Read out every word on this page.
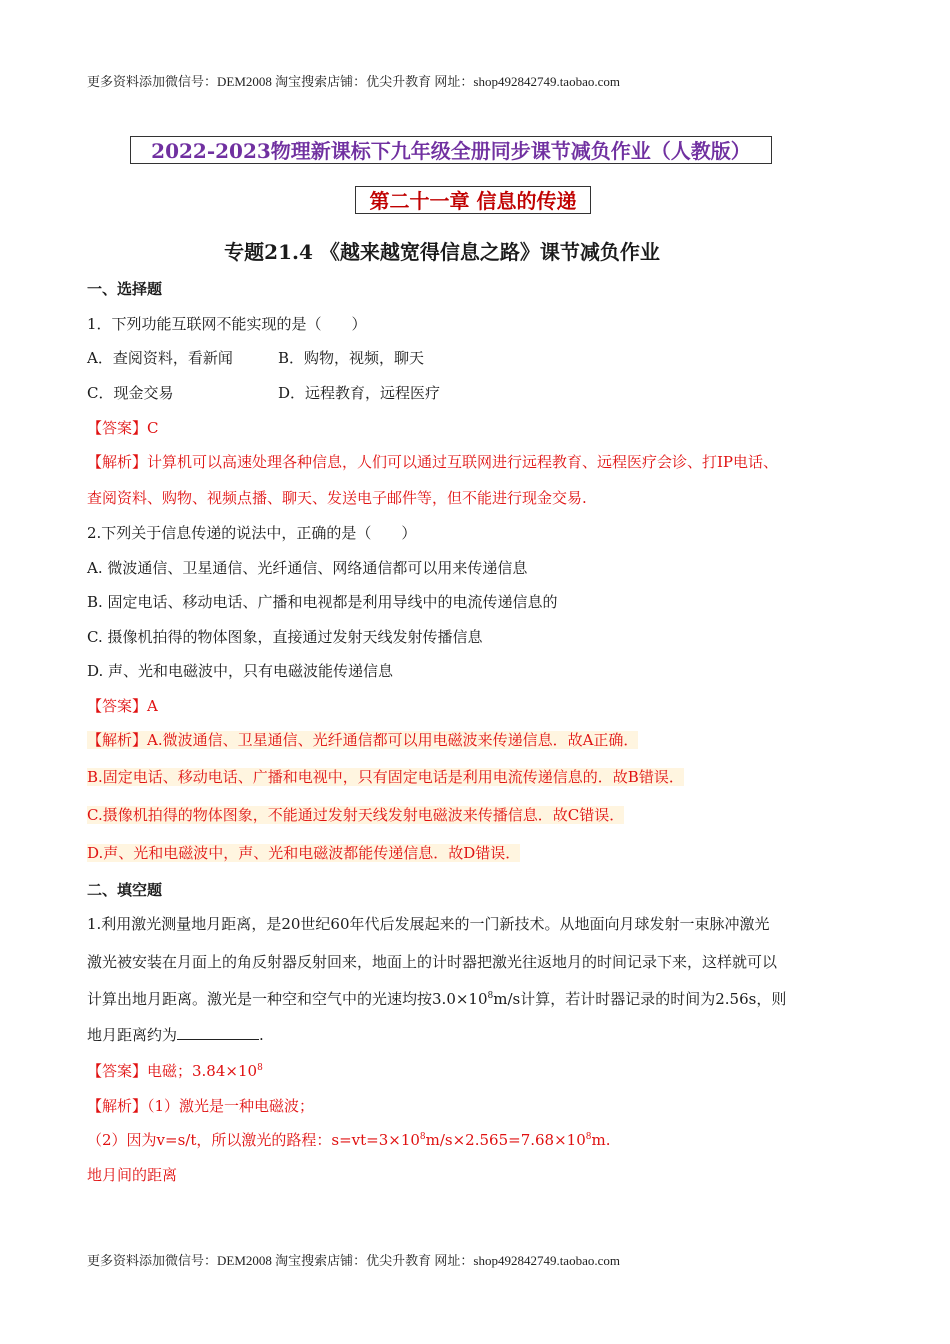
更多资料添加微信号：DEM2008 淘宝搜索店铺：优尖升教育 网址：shop492842749.taobao.com
2022-2023物理新课标下九年级全册同步课节减负作业（人教版）
第二十一章 信息的传递
专题21.4 《越来越宽得信息之路》课节减负作业
一、选择题
1．下列功能互联网不能实现的是（　　）
A．查阅资料，看新闻	B．购物，视频，聊天
C．现金交易	D．远程教育，远程医疗
【答案】C
【解析】计算机可以高速处理各种信息，人们可以通过互联网进行远程教育、远程医疗会诊、打IP电话、
查阅资料、购物、视频点播、聊天、发送电子邮件等，但不能进行现金交易.
2.下列关于信息传递的说法中，正确的是（　　）
A. 微波通信、卫星通信、光纤通信、网络通信都可以用来传递信息
B. 固定电话、移动电话、广播和电视都是利用导线中的电流传递信息的
C. 摄像机拍得的物体图象，直接通过发射天线发射传播信息
D. 声、光和电磁波中，只有电磁波能传递信息
【答案】A
【解析】A.微波通信、卫星通信、光纤通信都可以用电磁波来传递信息．故A正确．
B.固定电话、移动电话、广播和电视中，只有固定电话是利用电流传递信息的．故B错误．
C.摄像机拍得的物体图象，不能通过发射天线发射电磁波来传播信息．故C错误．
D.声、光和电磁波中，声、光和电磁波都能传递信息．故D错误．
二、填空题
1.利用激光测量地月距离，是20世纪60年代后发展起来的一门新技术。从地面向月球发射一束脉冲激光
激光被安装在月面上的角反射器反射回来，地面上的计时器把激光往返地月的时间记录下来，这样就可以
计算出地月距离。激光是一种空和空气中的光速均按$3.0\times 10^8m/s$计算，若计时器记录的时间为2.56s，则
地月距离约为	.
【答案】电磁；$3.84\times 10^8$
【解析】（1）激光是一种电磁波；
（2）因为v=s/t，所以激光的路程：$s=vt=3\times 10^8m/s\times 2.565=7.68\times 10^8m$.
地月间的距离
更多资料添加微信号：DEM2008 淘宝搜索店铺：优尖升教育 网址：shop492842749.taobao.com
